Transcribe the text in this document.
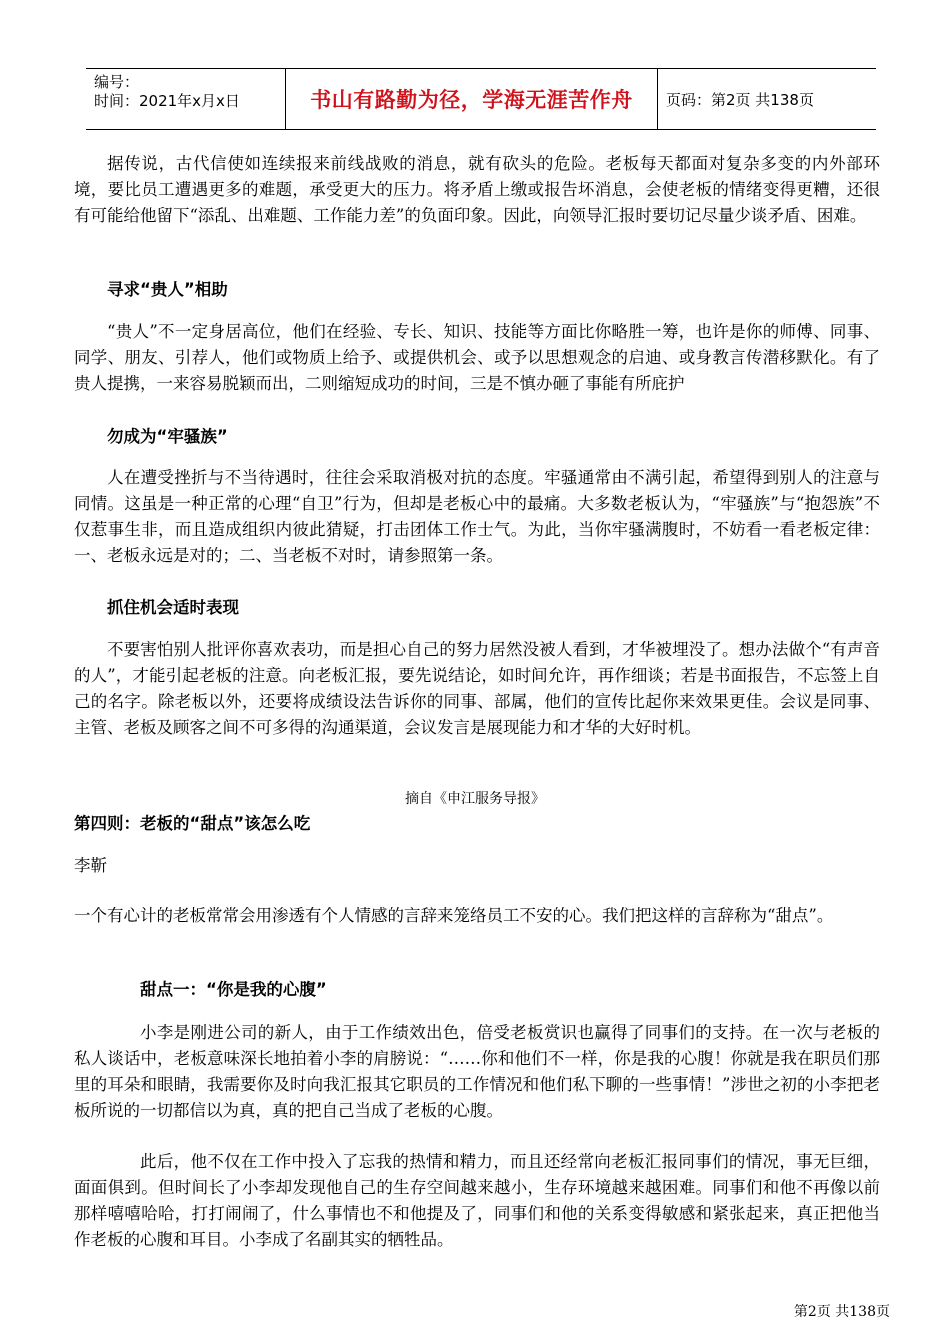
编号：
时间：2021年x月x日	书山有路勤为径，学海无涯苦作舟	页码：第2页 共138页

据传说，古代信使如连续报来前线战败的消息，就有砍头的危险。老板每天都面对复杂多变的内外部环境，要比员工遭遇更多的难题，承受更大的压力。将矛盾上缴或报告坏消息，会使老板的情绪变得更糟，还很有可能给他留下“添乱、出难题、工作能力差”的负面印象。因此，向领导汇报时要切记尽量少谈矛盾、困难。

寻求“贵人”相助

“贵人”不一定身居高位，他们在经验、专长、知识、技能等方面比你略胜一筹，也许是你的师傅、同事、同学、朋友、引荐人，他们或物质上给予、或提供机会、或予以思想观念的启迪、或身教言传潜移默化。有了贵人提携，一来容易脱颖而出，二则缩短成功的时间，三是不慎办砸了事能有所庇护

勿成为“牢骚族”

人在遭受挫折与不当待遇时，往往会采取消极对抗的态度。牢骚通常由不满引起，希望得到别人的注意与同情。这虽是一种正常的心理“自卫”行为，但却是老板心中的最痛。大多数老板认为，“牢骚族”与“抱怨族”不仅惹事生非，而且造成组织内彼此猜疑，打击团体工作士气。为此，当你牢骚满腹时，不妨看一看老板定律：一、老板永远是对的；二、当老板不对时，请参照第一条。

抓住机会适时表现

不要害怕别人批评你喜欢表功，而是担心自己的努力居然没被人看到，才华被埋没了。想办法做个“有声音的人”，才能引起老板的注意。向老板汇报，要先说结论，如时间允许，再作细谈；若是书面报告，不忘签上自己的名字。除老板以外，还要将成绩设法告诉你的同事、部属，他们的宣传比起你来效果更佳。会议是同事、主管、老板及顾客之间不可多得的沟通渠道，会议发言是展现能力和才华的大好时机。

摘自《申江服务导报》

第四则：老板的“甜点”该怎么吃

李靳

一个有心计的老板常常会用渗透有个人情感的言辞来笼络员工不安的心。我们把这样的言辞称为“甜点”。

甜点一：“你是我的心腹”

小李是刚进公司的新人，由于工作绩效出色，倍受老板赏识也赢得了同事们的支持。在一次与老板的私人谈话中，老板意味深长地拍着小李的肩膀说：“……你和他们不一样，你是我的心腹！你就是我在职员们那里的耳朵和眼睛，我需要你及时向我汇报其它职员的工作情况和他们私下聊的一些事情！”涉世之初的小李把老板所说的一切都信以为真，真的把自己当成了老板的心腹。

此后，他不仅在工作中投入了忘我的热情和精力，而且还经常向老板汇报同事们的情况，事无巨细，面面俱到。但时间长了小李却发现他自己的生存空间越来越小，生存环境越来越困难。同事们和他不再像以前那样嘻嘻哈哈，打打闹闹了，什么事情也不和他提及了，同事们和他的关系变得敏感和紧张起来，真正把他当作老板的心腹和耳目。小李成了名副其实的牺牲品。

第2页 共138页
